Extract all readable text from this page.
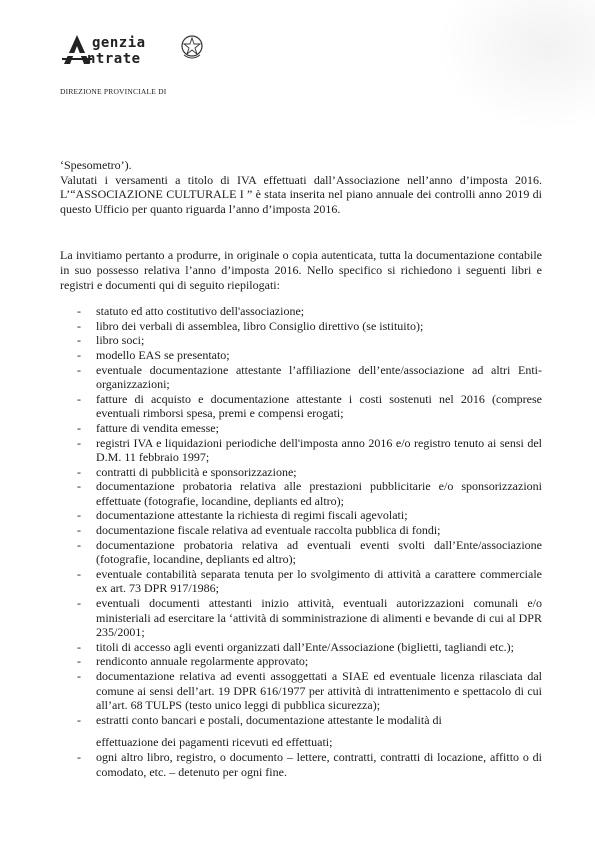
genzia
ntrate
DIREZIONE PROVINCIALE DI

‘Spesometro’).

Valutati i versamenti a titolo di IVA effettuati dall’Associazione nell’anno d’imposta 2016. L’“ASSOCIAZIONE CULTURALE I ” è stata inserita nel piano annuale dei controlli anno 2019 di questo Ufficio per quanto riguarda l’anno d’imposta 2016.

La invitiamo pertanto a produrre, in originale o copia autenticata, tutta la documentazione contabile in suo possesso relativa l’anno d’imposta 2016. Nello specifico si richiedono i seguenti libri e registri e documenti qui di seguito riepilogati:

- statuto ed atto costitutivo dell'associazione;
- libro dei verbali di assemblea, libro Consiglio direttivo (se istituito);
- libro soci;
- modello EAS se presentato;
- eventuale documentazione attestante l’affiliazione dell’ente/associazione ad altri Enti-organizzazioni;
- fatture di acquisto e documentazione attestante i costi sostenuti nel 2016 (comprese eventuali rimborsi spesa, premi e compensi erogati;
- fatture di vendita emesse;
- registri IVA e liquidazioni periodiche dell'imposta anno 2016 e/o registro tenuto ai sensi del D.M. 11 febbraio 1997;
- contratti di pubblicità e sponsorizzazione;
- documentazione probatoria relativa alle prestazioni pubblicitarie e/o sponsorizzazioni effettuate (fotografie, locandine, depliants ed altro);
- documentazione attestante la richiesta di regimi fiscali agevolati;
- documentazione fiscale relativa ad eventuale raccolta pubblica di fondi;
- documentazione probatoria relativa ad eventuali eventi svolti dall’Ente/associazione (fotografie, locandine, depliants ed altro);
- eventuale contabilità separata tenuta per lo svolgimento di attività a carattere commerciale ex art. 73 DPR 917/1986;
- eventuali documenti attestanti inizio attività, eventuali autorizzazioni comunali e/o ministeriali ad esercitare la ‘attività di somministrazione di alimenti e bevande di cui al DPR 235/2001;
- titoli di accesso agli eventi organizzati dall’Ente/Associazione (biglietti, tagliandi etc.);
- rendiconto annuale regolarmente approvato;
- documentazione relativa ad eventi assoggettati a SIAE ed eventuale licenza rilasciata dal comune ai sensi dell’art. 19 DPR 616/1977 per attività di intrattenimento e spettacolo di cui all’art. 68 TULPS (testo unico leggi di pubblica sicurezza);
- estratti conto bancari e postali, documentazione attestante le modalità di
effettuazione dei pagamenti ricevuti ed effettuati;
- ogni altro libro, registro, o documento – lettere, contratti, contratti di locazione, affitto o di comodato, etc. – detenuto per ogni fine.
